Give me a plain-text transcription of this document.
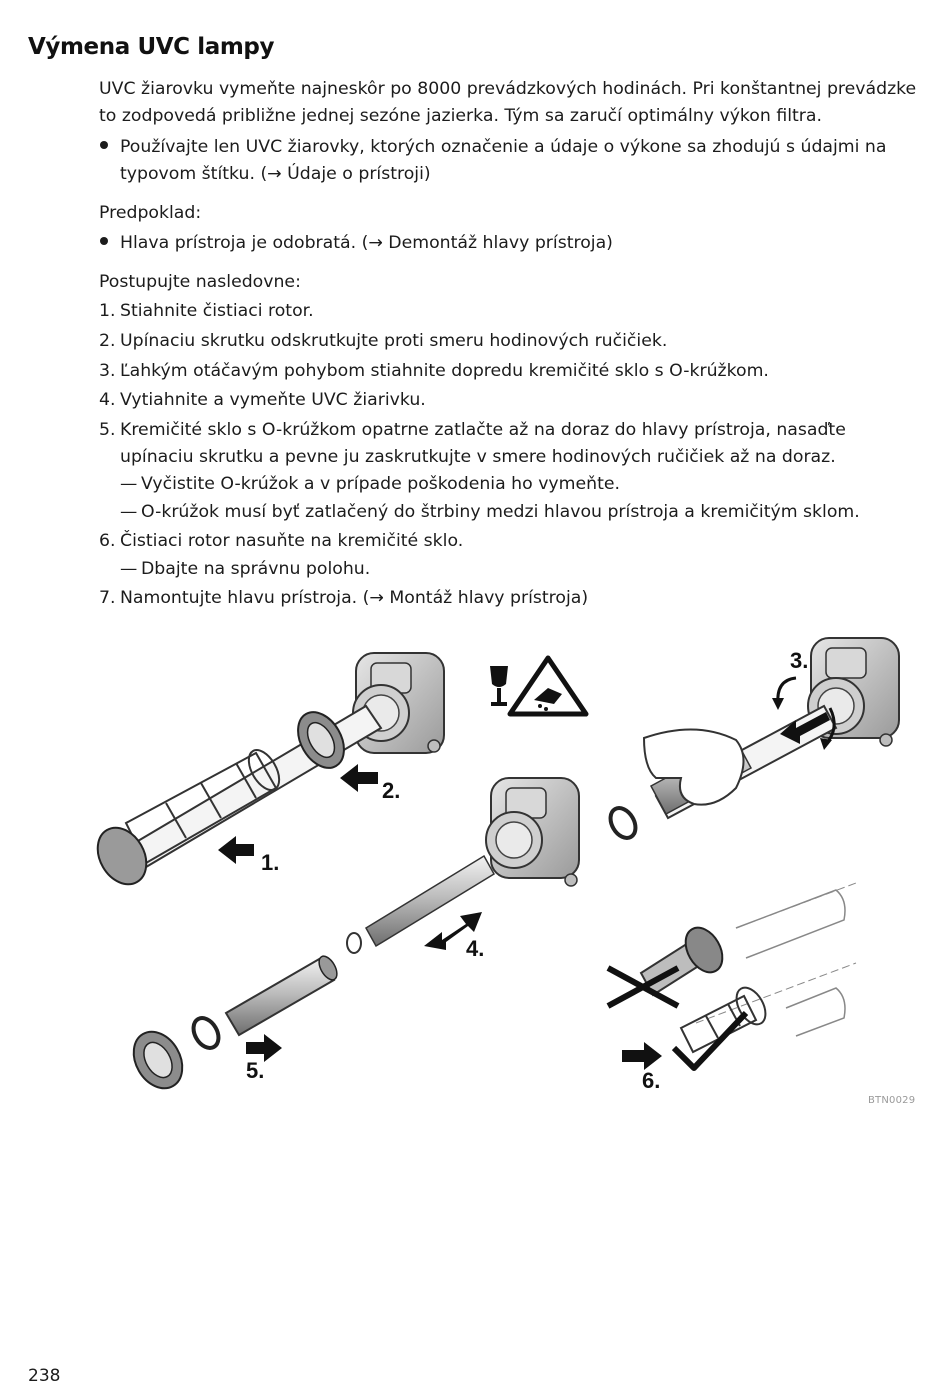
Výmena UVC lampy
UVC žiarovku vymeňte najneskôr po 8000 prevádzkových hodinách. Pri konštantnej prevádzke to zodpovedá približne jednej sezóne jazierka. Tým sa zaručí optimálny výkon filtra.
Používajte len UVC žiarovky, ktorých označenie a údaje o výkone sa zhodujú s údajmi na typovom štítku. (→ Údaje o prístroji)
Predpoklad:
Hlava prístroja je odobratá. (→ Demontáž hlavy prístroja)
Postupujte nasledovne:
1. Stiahnite čistiaci rotor.
2. Upínaciu skrutku odskrutkujte proti smeru hodinových ručičiek.
3. Ľahkým otáčavým pohybom stiahnite dopredu kremičité sklo s O-krúžkom.
4. Vytiahnite a vymeňte UVC žiarivku.
5. Kremičité sklo s O-krúžkom opatrne zatlačte až na doraz do hlavy prístroja, nasaďte upínaciu skrutku a pevne ju zaskrutkujte v smere hodinových ručičiek až na doraz.
— Vyčistite O-krúžok a v prípade poškodenia ho vymeňte.
— O-krúžok musí byť zatlačený do štrbiny medzi hlavou prístroja a kremičitým sklom.
6. Čistiaci rotor nasuňte na kremičité sklo.
— Dbajte na správnu polohu.
7. Namontujte hlavu prístroja. (→ Montáž hlavy prístroja)
1.
2.
4.
5.
3.
6.
BTN0029
238
